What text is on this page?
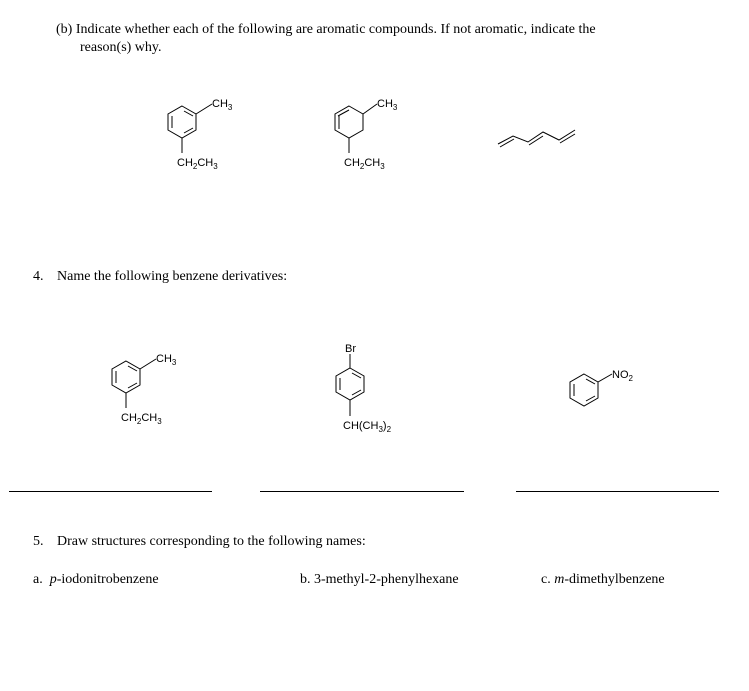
(b) Indicate whether each of the following are aromatic compounds. If not aromatic, indicate the
reason(s) why.
$CH_3$
$CH_2CH_3$
$CH_3$
$CH_2CH_3$
4. Name the following benzene derivatives:
$CH_3$
$CH_2CH_3$
Br
$CH(CH_3)_2$
$NO_2$
5. Draw structures corresponding to the following names:
a. p-iodonitrobenzene	b. 3-methyl-2-phenylhexane	c. m-dimethylbenzene
